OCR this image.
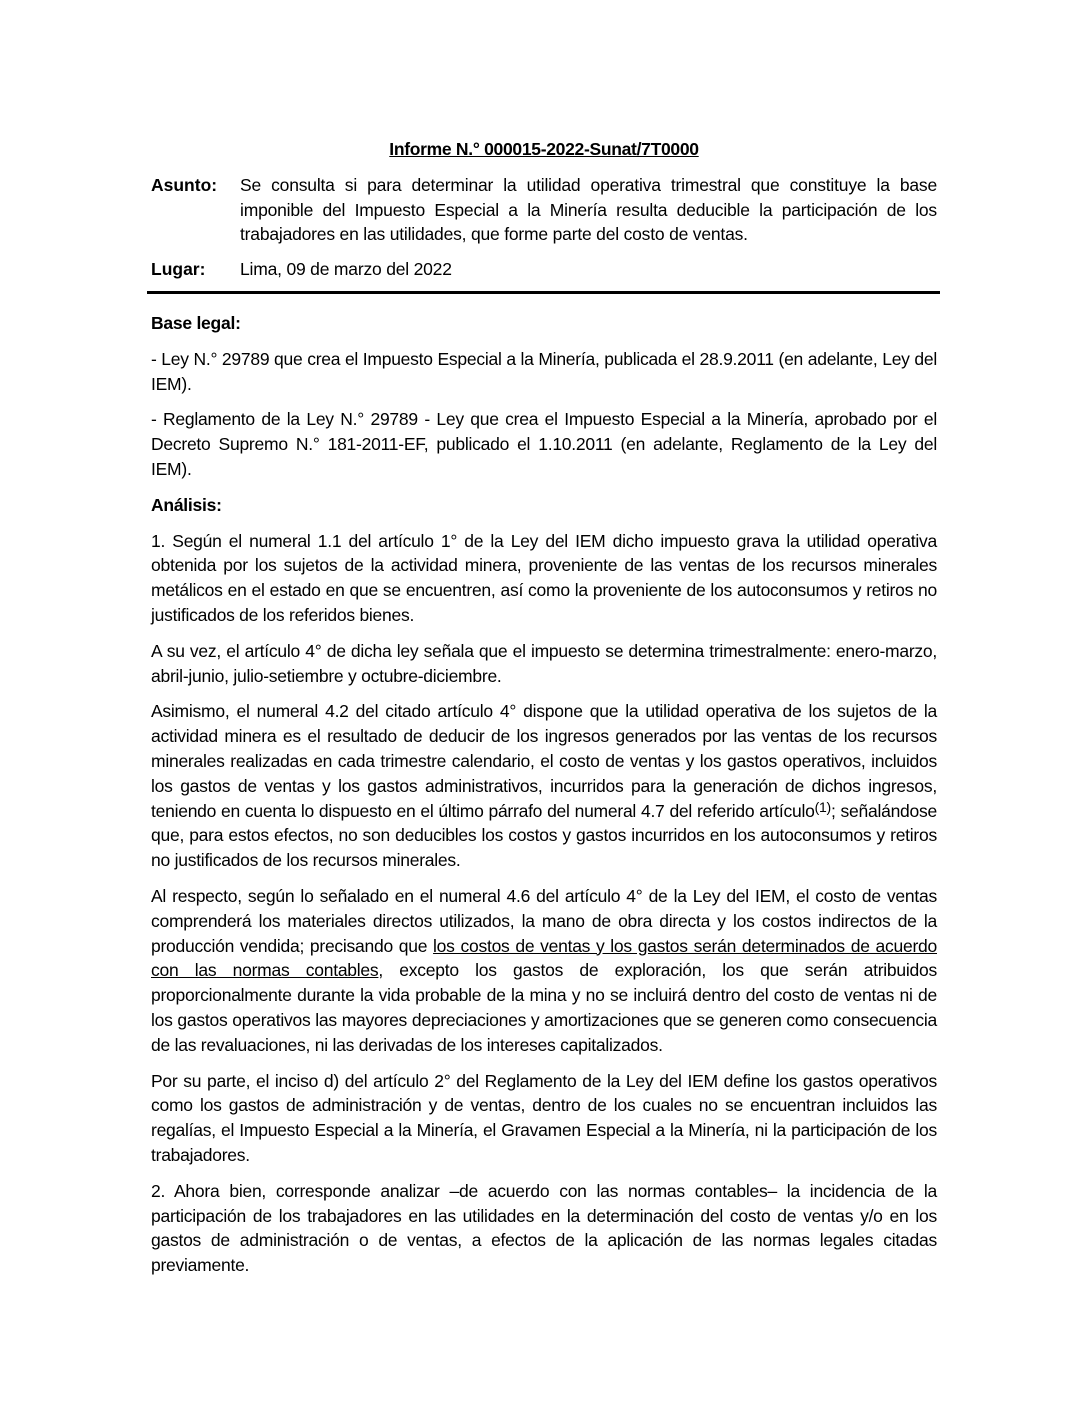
Informe N.° 000015-2022-Sunat/7T0000
Asunto: Se consulta si para determinar la utilidad operativa trimestral que constituye la base imponible del Impuesto Especial a la Minería resulta deducible la participación de los trabajadores en las utilidades, que forme parte del costo de ventas.
Lugar: Lima, 09 de marzo del 2022
Base legal:

- Ley N.° 29789 que crea el Impuesto Especial a la Minería, publicada el 28.9.2011 (en adelante, Ley del IEM).

- Reglamento de la Ley N.° 29789 - Ley que crea el Impuesto Especial a la Minería, aprobado por el Decreto Supremo N.° 181-2011-EF, publicado el 1.10.2011 (en adelante, Reglamento de la Ley del IEM).

Análisis:

1. Según el numeral 1.1 del artículo 1° de la Ley del IEM dicho impuesto grava la utilidad operativa obtenida por los sujetos de la actividad minera, proveniente de las ventas de los recursos minerales metálicos en el estado en que se encuentren, así como la proveniente de los autoconsumos y retiros no justificados de los referidos bienes.

A su vez, el artículo 4° de dicha ley señala que el impuesto se determina trimestralmente: enero-marzo, abril-junio, julio-setiembre y octubre-diciembre.

Asimismo, el numeral 4.2 del citado artículo 4° dispone que la utilidad operativa de los sujetos de la actividad minera es el resultado de deducir de los ingresos generados por las ventas de los recursos minerales realizadas en cada trimestre calendario, el costo de ventas y los gastos operativos, incluidos los gastos de ventas y los gastos administrativos, incurridos para la generación de dichos ingresos, teniendo en cuenta lo dispuesto en el último párrafo del numeral 4.7 del referido artículo$^{(1)}$; señalándose que, para estos efectos, no son deducibles los costos y gastos incurridos en los autoconsumos y retiros no justificados de los recursos minerales.

Al respecto, según lo señalado en el numeral 4.6 del artículo 4° de la Ley del IEM, el costo de ventas comprenderá los materiales directos utilizados, la mano de obra directa y los costos indirectos de la producción vendida; precisando que los costos de ventas y los gastos serán determinados de acuerdo con las normas contables, excepto los gastos de exploración, los que serán atribuidos proporcionalmente durante la vida probable de la mina y no se incluirá dentro del costo de ventas ni de los gastos operativos las mayores depreciaciones y amortizaciones que se generen como consecuencia de las revaluaciones, ni las derivadas de los intereses capitalizados.

Por su parte, el inciso d) del artículo 2° del Reglamento de la Ley del IEM define los gastos operativos como los gastos de administración y de ventas, dentro de los cuales no se encuentran incluidos las regalías, el Impuesto Especial a la Minería, el Gravamen Especial a la Minería, ni la participación de los trabajadores.

2. Ahora bien, corresponde analizar –de acuerdo con las normas contables– la incidencia de la participación de los trabajadores en las utilidades en la determinación del costo de ventas y/o en los gastos de administración o de ventas, a efectos de la aplicación de las normas legales citadas previamente.
